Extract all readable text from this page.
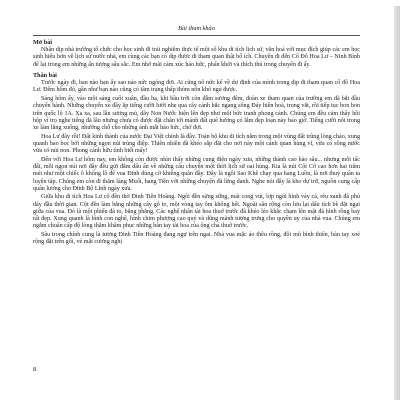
Bài tham khảo
Mở bài

Nhân dịp nhà trường tổ chức cho học sinh đi trải nghiệm thực tế một số khu di tích lịch sử, văn hoá với mục đích giúp các em học sinh hiểu hơn về lịch sử nước nhà, em cùng các bạn có dịp được đi tham quan thật bổ ích. Chuyến đi đến Cố Đô Hoa Lư – Ninh Bình để lại trong em những ấn tượng sâu sắc. Em nhớ mãi cảm xúc háo hức, phấn khởi và thích thú trong chuyến đi ấy.

Thân bài

Trước ngày đi, ban nào bạn ấy sao náo nức ngóng đợi. Ai cũng nô nức kể về dự định của mình trong dịp đi tham quan cố đô Hoa Lư. Đêm hôm đó, gần như bạn nào cũng có tâm trạng thấp thỏm nôn khó ngủ được.

Sáng hôm ấy, vào một sáng cuối xuân, đầu hạ, khi bầu trời còn đẫm sương đêm, đoàn xe tham quan của trường em đã bắt đầu chuyến hành. Những chuyến xe đầy ắp tiếng cười lướt nhẹ qua cây cảnh bắc ngang sống Đáy hiền hoà, trong vắt, rồi tiếp tục bon bon trên quốc lộ 1A. Xa xa, sau lần sương mù, dãy Non Nước hiện lên đẹp như một bức tranh phong cảnh. Chúng em đều cảm thấy hồi hộp vì trọ nghe tiếng đã lâu nhưng chưa có được đặt chân tới mảnh đất quê hương có lắm đẹp loạn này bao giờ. Tiếng cười nói trong xe làm lắng xuống, nhường chỗ cho những ánh mắt háo hức, chờ đợi.

Hoa Lư đây rồi! Đất kinh thành của nước Đại Việt chính là đây. Toàn bộ khu di tích nằm trong một vùng đất trũng lòng chảo, xung quanh bao bọc bởi những ngọn núi trùng điệp. Thiên nhiên đã khéo sắp đặt cho nơi này một cảnh quan hùng vĩ, vừa có sông nước vừa có núi non. Phong cảnh hữu tình biết mấy!

Đến với Hoa Lư hôm nay, em không còn được nhìn thấy những cung điện ngày xưa, những thành cao hào sâu... nhưng mỗi tấc đất, mỗi ngọn núi nơi đây đều gửi đắm dấu ấn về những câu chuyện một thời lịch sử oai hùng. Kia là núi Cột Cờ cao hơn hai trăm mét như một chiếc ô khổng lồ để vua Đinh dùng cờ khiêng quân đầy. Đây là ngôi Sao Khê chạy qua hang Luồn, là nơi thuỷ quân ta luyện tập. Chúng em còn đi thăm làng Muối, hang Tiền với những chuyện đã lừng danh. Nghe nói đây là kho dự trữ, nguồn cung cấp quân lương cho Đinh Bộ Lĩnh ngày xưa.

Giữa khu di tích Hoa Lư cổ đền thờ Đinh Tiên Hoàng. Ngôi đền sừng sững, mái cong vút, lợp ngói hình vảy cá, rêu xanh đã phủ dày đầu thời gian. Cột đền làm bằng những cây gỗ to, một vòng tay ôm không hết. Ngoài sân rộng còn lưu lại dấu tích bề đặt ngai giữa của vua. Đó là một phiến đá to, bằng phẳng. Các nghệ nhân tài hoa thuở trước đã khéo léo khắc chạm lên mặt đá hình rồng bay rất đẹp. Xung quanh là hình con nghê, hình chim phượng cao quý và dũng mãnh tượng trưng cho quyền uy của nhà vua. Chúng em ngắm chuẩn cấp độ lòng thăm khâm phục những bàn tay tài hoa của ông cha thuở trước.

Sâu trong chính cung là tượng Đinh Tiên Hoàng đang ngự trên ngai. Nhà vua mặc áo thêu rồng, đội mũ bình thiên, bàn tay xoè rộng đặt trên gối, vẻ mặt cương nghị

8
